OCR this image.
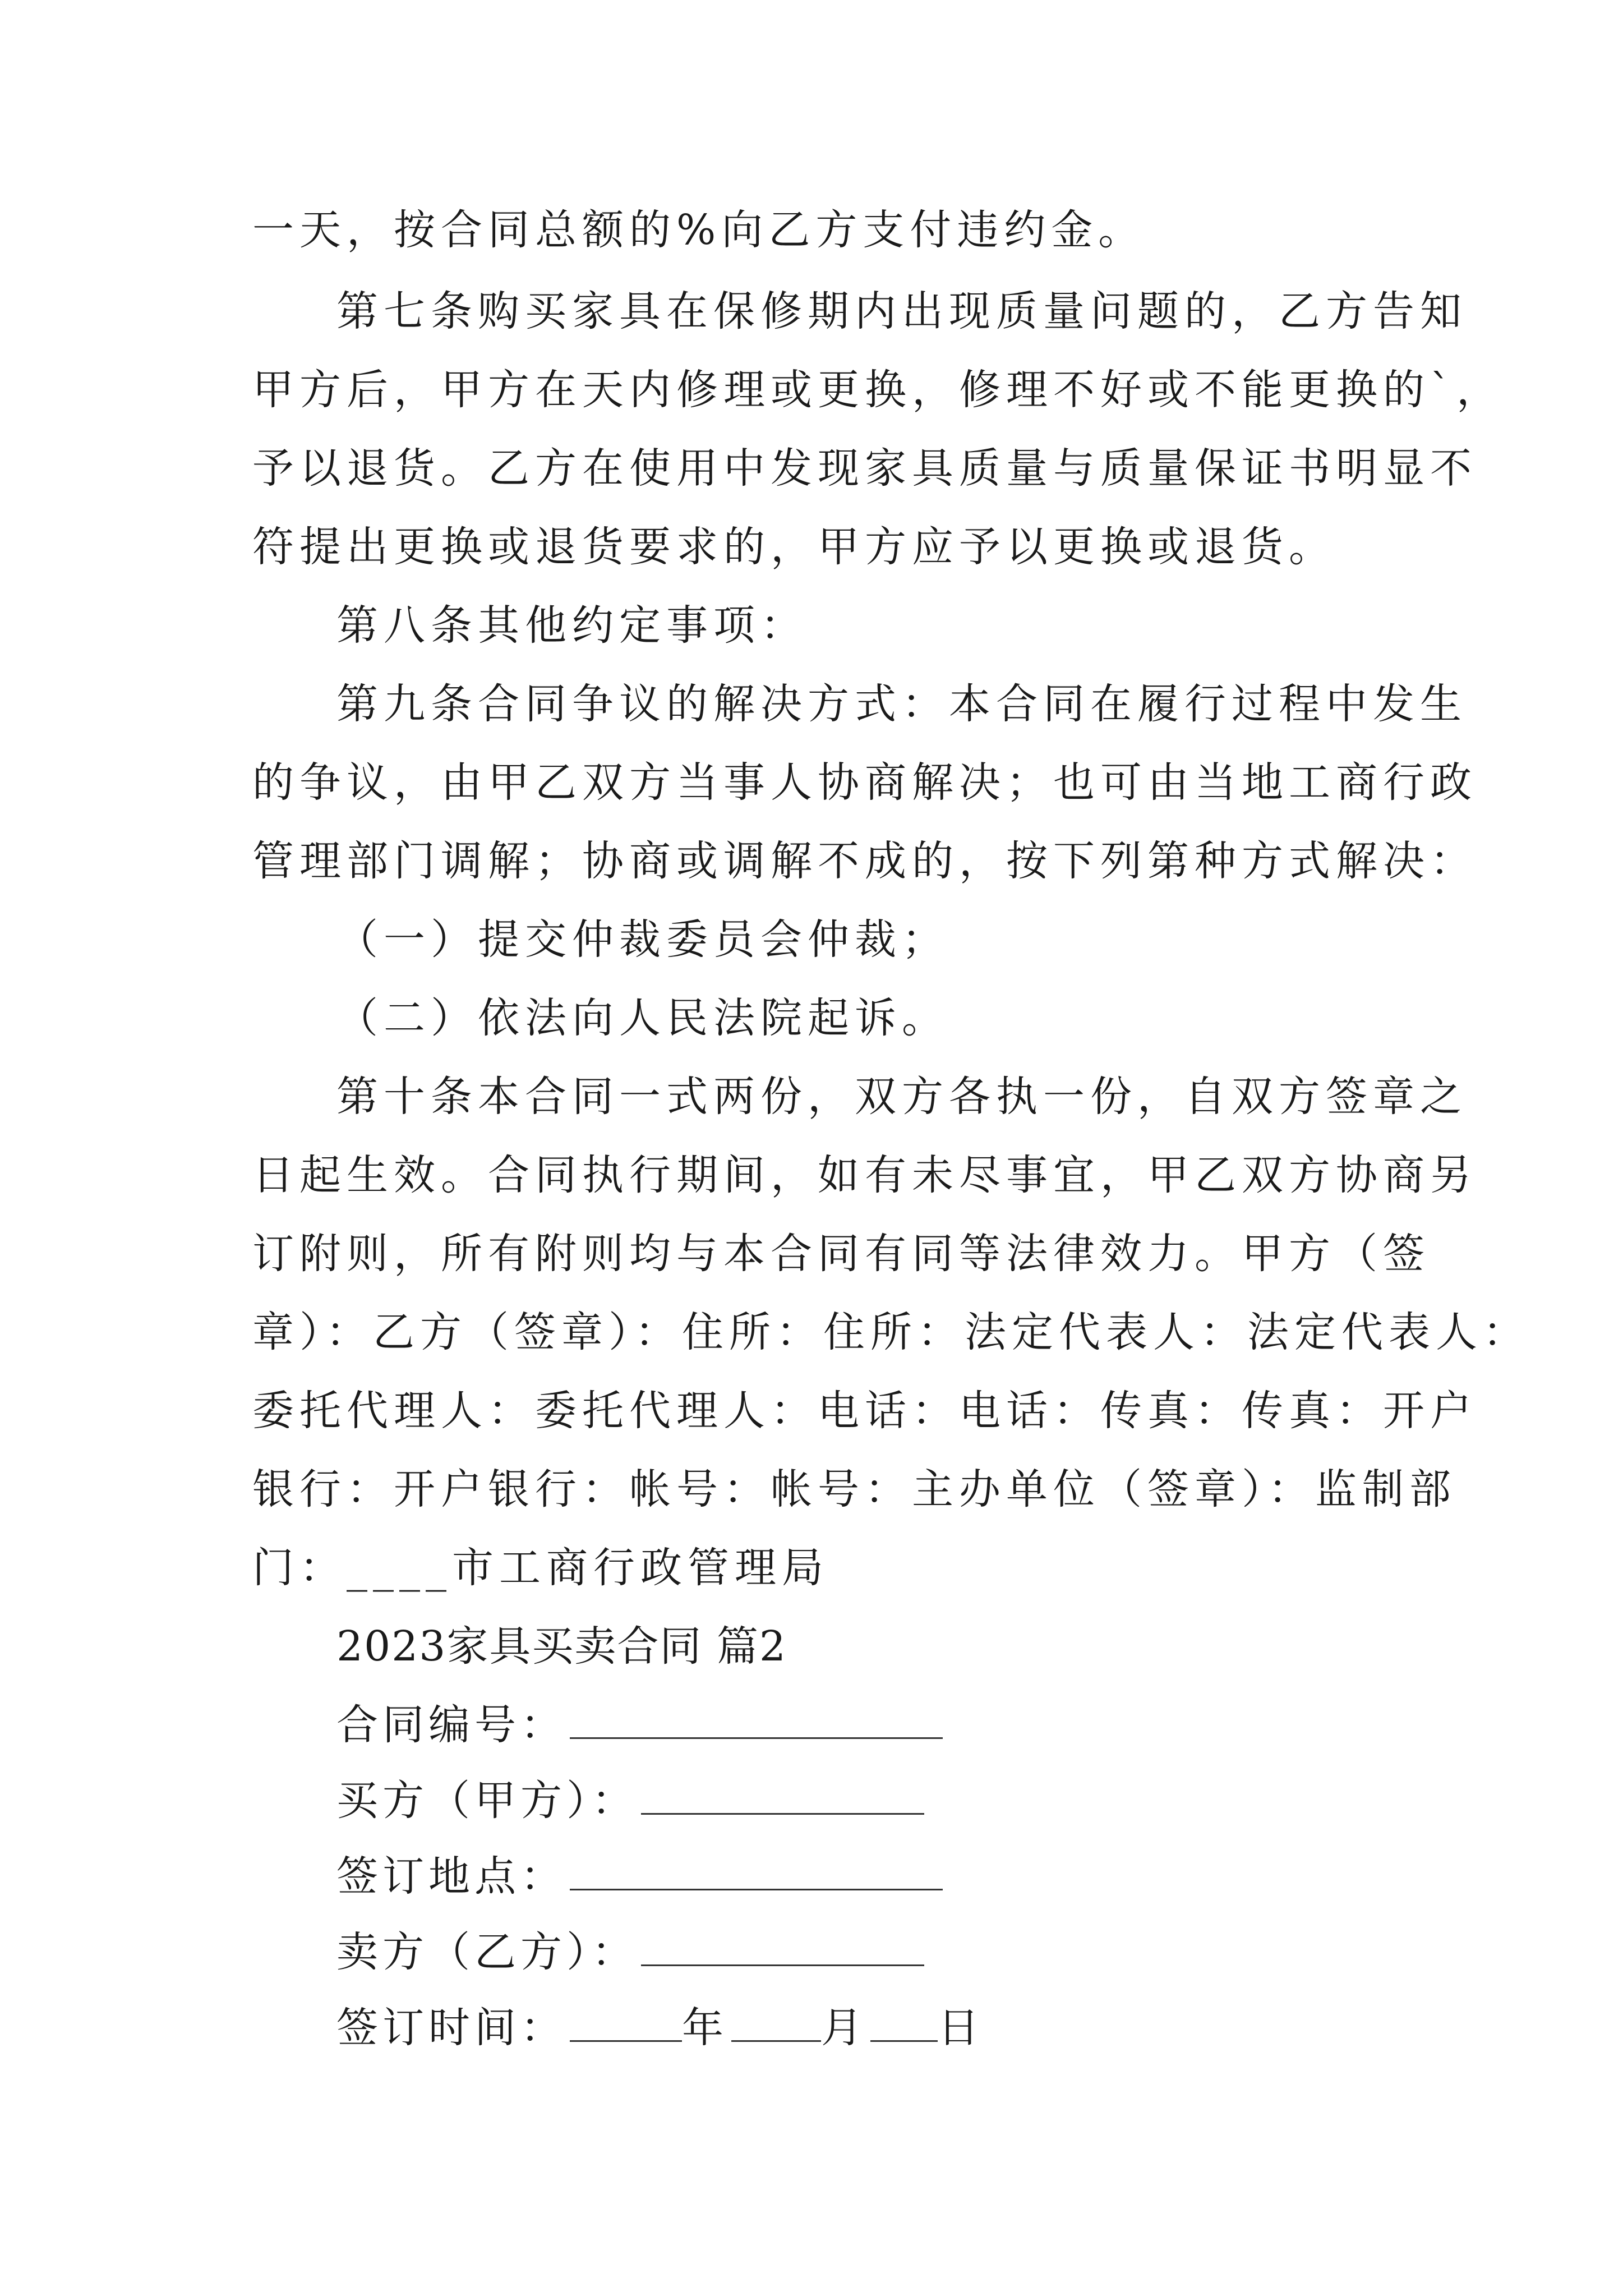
一天，按合同总额的%向乙方支付违约金。
第七条购买家具在保修期内出现质量问题的，乙方告知
甲方后，甲方在天内修理或更换，修理不好或不能更换的`，
予以退货。乙方在使用中发现家具质量与质量保证书明显不
符提出更换或退货要求的，甲方应予以更换或退货。
第八条其他约定事项：
第九条合同争议的解决方式：本合同在履行过程中发生
的争议，由甲乙双方当事人协商解决；也可由当地工商行政
管理部门调解；协商或调解不成的，按下列第种方式解决：
（一）提交仲裁委员会仲裁；
（二）依法向人民法院起诉。
第十条本合同一式两份，双方各执一份，自双方签章之
日起生效。合同执行期间，如有未尽事宜，甲乙双方协商另
订附则，所有附则均与本合同有同等法律效力。甲方（签
章）：乙方（签章）：住所：住所：法定代表人：法定代表人：
委托代理人：委托代理人：电话：电话：传真：传真：开户
银行：开户银行：帐号：帐号：主办单位（签章）：监制部
门：____市工商行政管理局
2023家具买卖合同 篇2
合同编号：
买方（甲方）：
签订地点：
卖方（乙方）：
签订时间：	年 月 日
